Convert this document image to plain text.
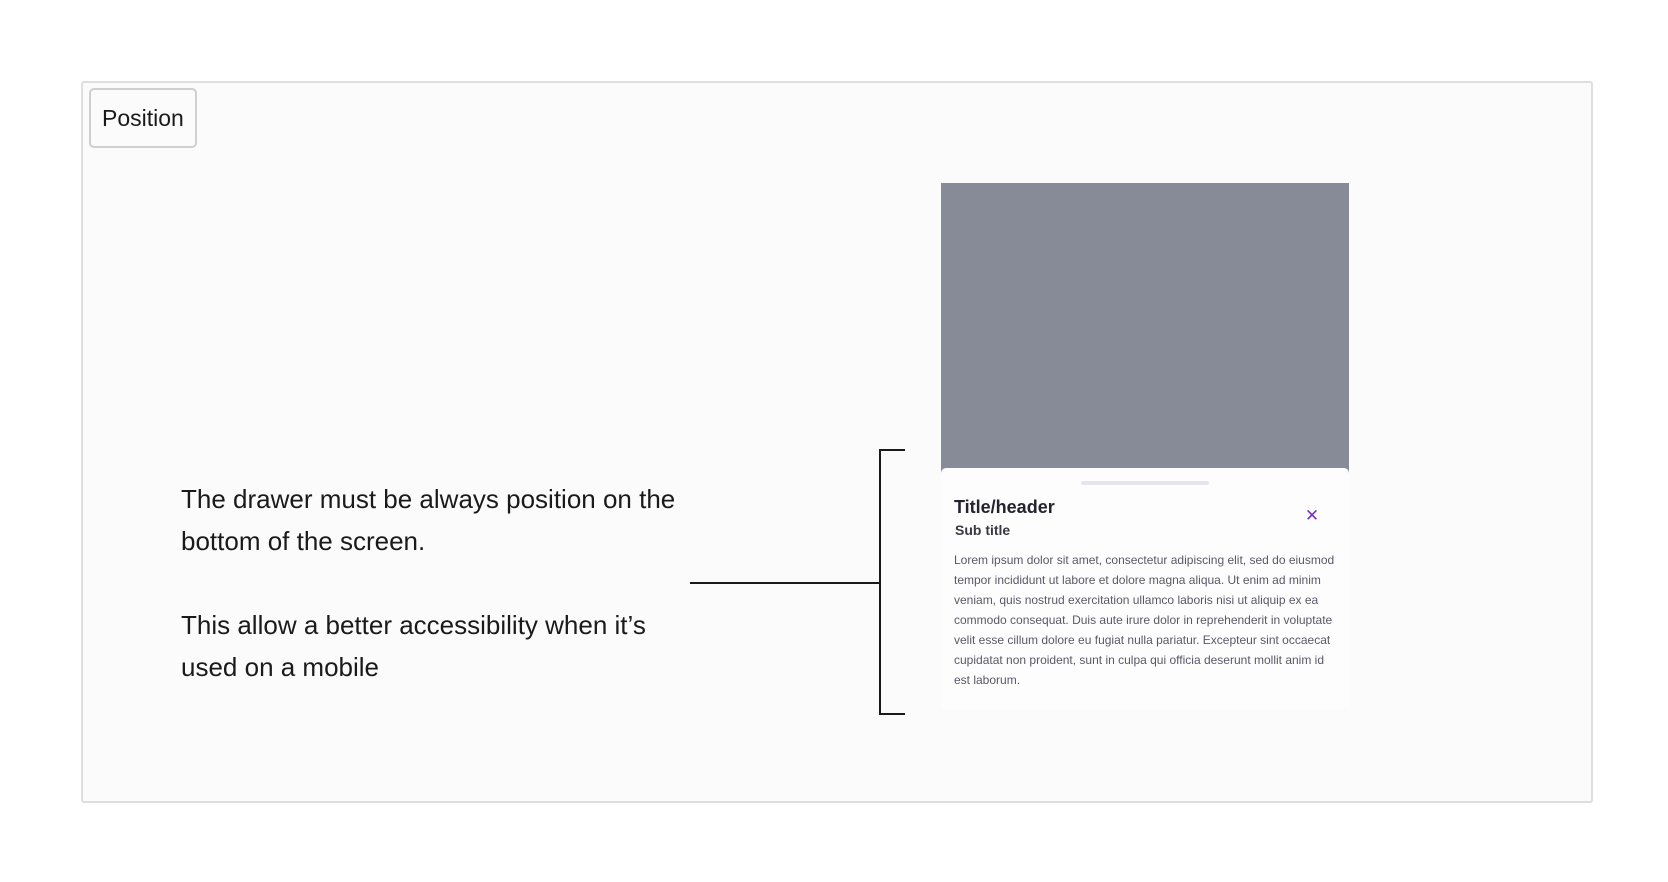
Position

The drawer must be always position on the bottom of the screen.

This allow a better accessibility when it’s used on a mobile

Title/header
Sub title
✕

Lorem ipsum dolor sit amet, consectetur adipiscing elit, sed do eiusmod tempor incididunt ut labore et dolore magna aliqua. Ut enim ad minim veniam, quis nostrud exercitation ullamco laboris nisi ut aliquip ex ea commodo consequat. Duis aute irure dolor in reprehenderit in voluptate velit esse cillum dolore eu fugiat nulla pariatur. Excepteur sint occaecat cupidatat non proident, sunt in culpa qui officia deserunt mollit anim id est laborum.
